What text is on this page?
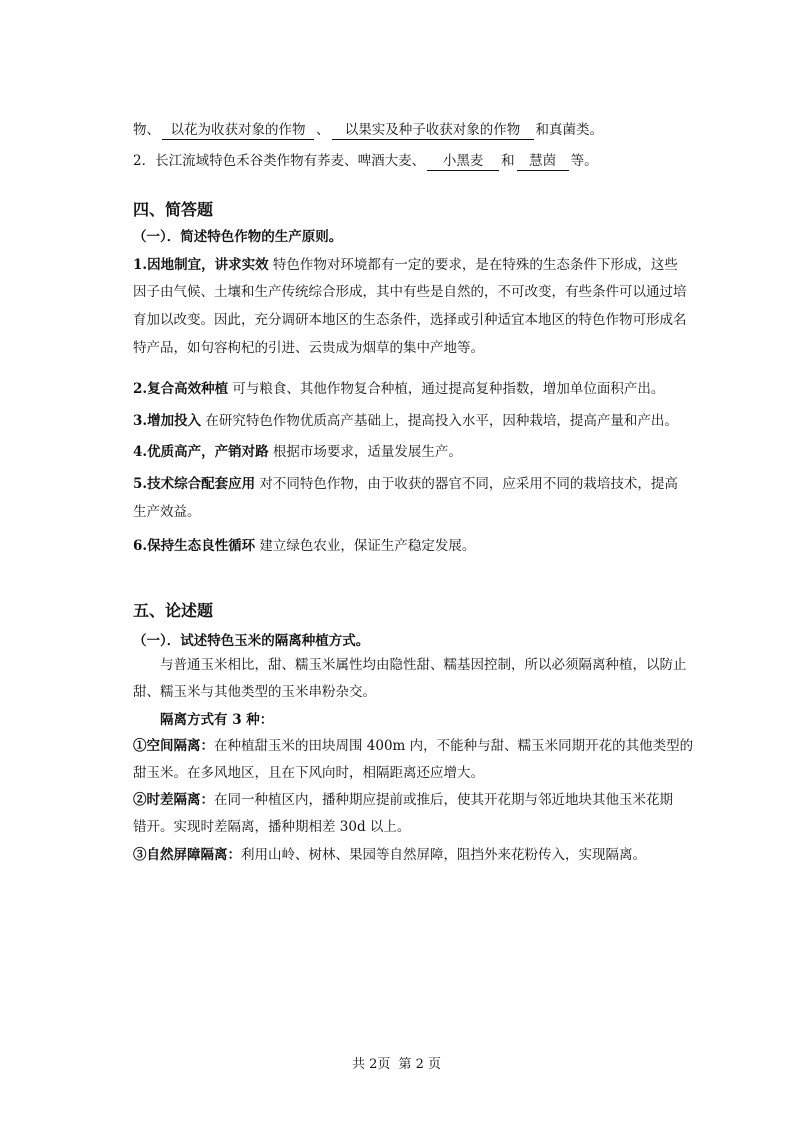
物、 以花为收获对象的作物 、 以果实及种子收获对象的作物 和真菌类。
2．长江流域特色禾谷类作物有荞麦、啤酒大麦、 小黑麦 和 慧茵 等。
四、简答题
（一）．简述特色作物的生产原则。
1.因地制宜，讲求实效 特色作物对环境都有一定的要求，是在特殊的生态条件下形成，这些
因子由气候、土壤和生产传统综合形成，其中有些是自然的，不可改变，有些条件可以通过培
育加以改变。因此，充分调研本地区的生态条件，选择或引种适宜本地区的特色作物可形成名
特产品，如句容枸杞的引进、云贵成为烟草的集中产地等。
2.复合高效种植 可与粮食、其他作物复合种植，通过提高复种指数，增加单位面积产出。
3.增加投入 在研究特色作物优质高产基础上，提高投入水平，因种栽培，提高产量和产出。
4.优质高产，产销对路 根据市场要求，适量发展生产。
5.技术综合配套应用 对不同特色作物，由于收获的器官不同，应采用不同的栽培技术，提高
生产效益。
6.保持生态良性循环 建立绿色农业，保证生产稳定发展。
五、论述题
（一）．试述特色玉米的隔离种植方式。
与普通玉米相比，甜、糯玉米属性均由隐性甜、糯基因控制，所以必须隔离种植，以防止
甜、糯玉米与其他类型的玉米串粉杂交。
隔离方式有 3 种：
①空间隔离：在种植甜玉米的田块周围 400m 内，不能种与甜、糯玉米同期开花的其他类型的
甜玉米。在多风地区，且在下风向时，相隔距离还应增大。
②时差隔离：在同一种植区内，播种期应提前或推后，使其开花期与邻近地块其他玉米花期
错开。实现时差隔离，播种期相差 30d 以上。
③自然屏障隔离：利用山岭、树林、果园等自然屏障，阻挡外来花粉传入，实现隔离。
共 2页 第 2 页
